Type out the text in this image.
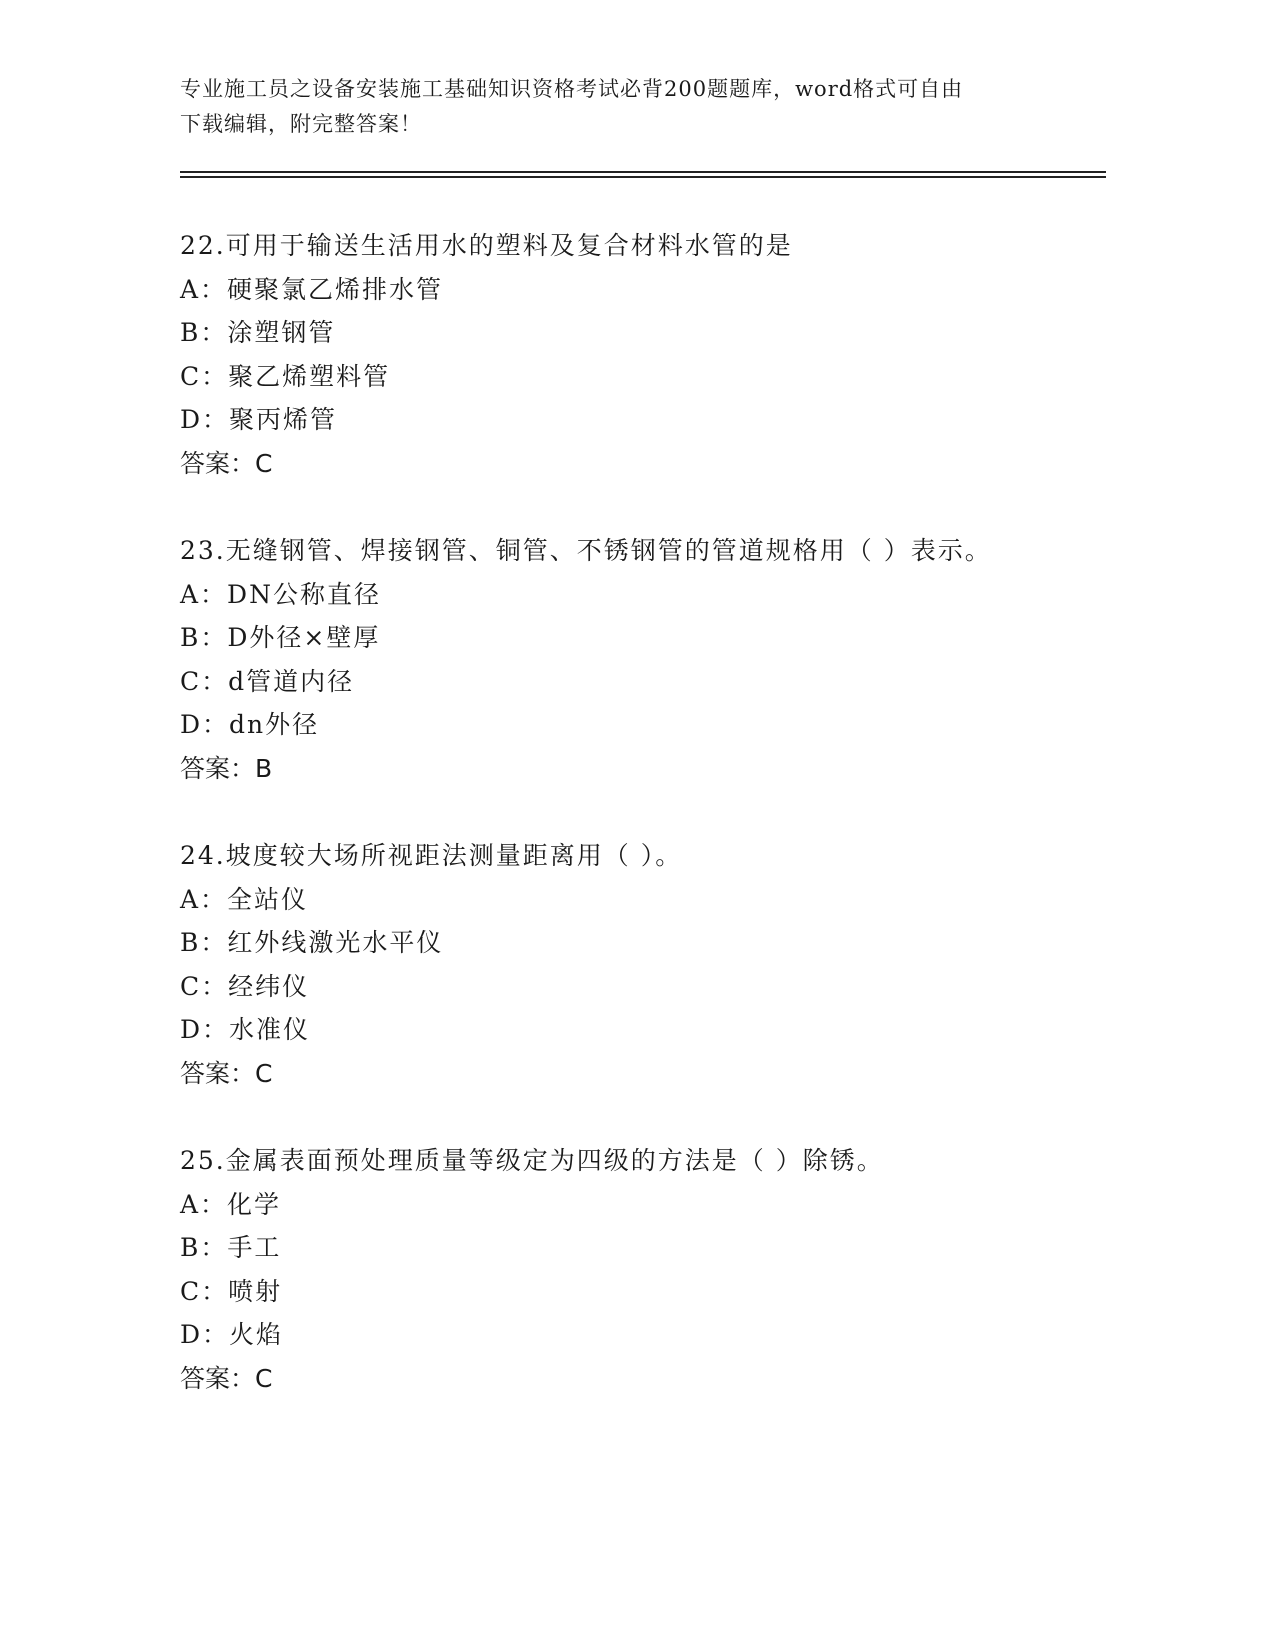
专业施工员之设备安装施工基础知识资格考试必背200题题库，word格式可自由
下载编辑，附完整答案！
22.可用于输送生活用水的塑料及复合材料水管的是
A：硬聚氯乙烯排水管
B：涂塑钢管
C：聚乙烯塑料管
D：聚丙烯管
答案：C
23.无缝钢管、焊接钢管、铜管、不锈钢管的管道规格用（ ）表示。
A：DN公称直径
B：D外径×壁厚
C：d管道内径
D：dn外径
答案：B
24.坡度较大场所视距法测量距离用（ ）。
A：全站仪
B：红外线激光水平仪
C：经纬仪
D：水准仪
答案：C
25.金属表面预处理质量等级定为四级的方法是（ ）除锈。
A：化学
B：手工
C：喷射
D：火焰
答案：C
